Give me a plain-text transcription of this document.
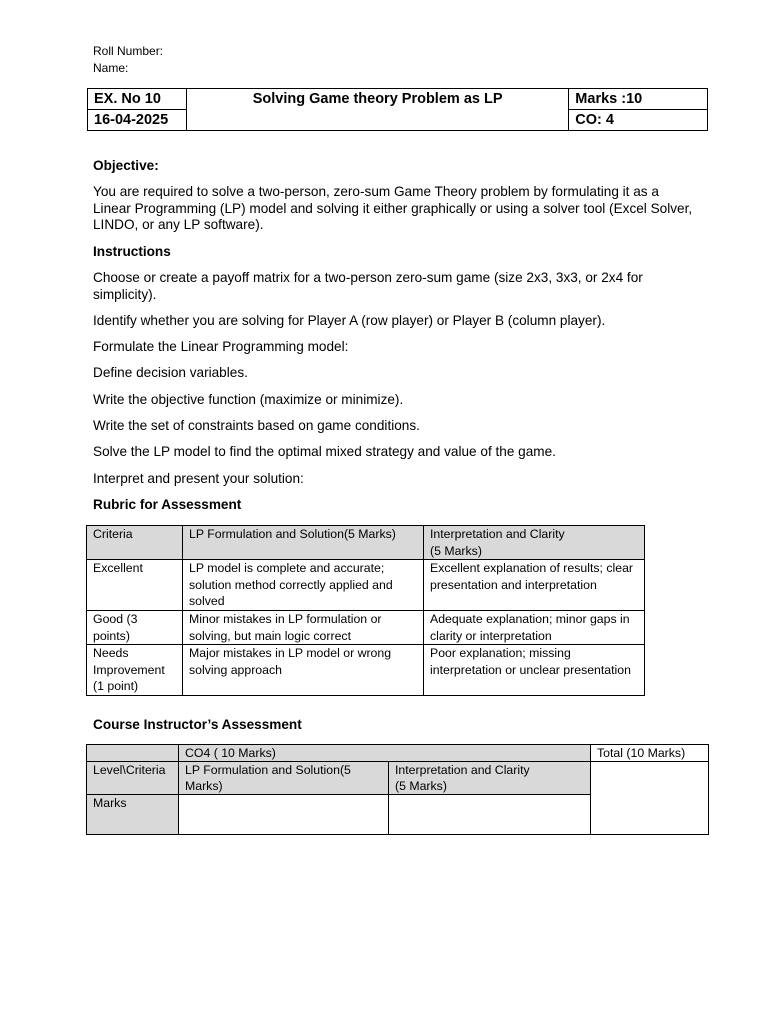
Roll Number:
Name:
EX. No 10	Solving Game theory Problem as LP	Marks :10
16-04-2025		CO: 4
Objective:
You are required to solve a two-person, zero-sum Game Theory problem by formulating it as a Linear Programming (LP) model and solving it either graphically or using a solver tool (Excel Solver, LINDO, or any LP software).
Instructions
Choose or create a payoff matrix for a two-person zero-sum game (size 2x3, 3x3, or 2x4 for simplicity).
Identify whether you are solving for Player A (row player) or Player B (column player).
Formulate the Linear Programming model:
Define decision variables.
Write the objective function (maximize or minimize).
Write the set of constraints based on game conditions.
Solve the LP model to find the optimal mixed strategy and value of the game.
Interpret and present your solution:
Rubric for Assessment
Criteria	LP Formulation and Solution(5 Marks)	Interpretation and Clarity
(5 Marks)
Excellent	LP model is complete and accurate; solution method correctly applied and solved	Excellent explanation of results; clear presentation and interpretation
Good (3 points)	Minor mistakes in LP formulation or solving, but main logic correct	Adequate explanation; minor gaps in clarity or interpretation
Needs Improvement (1 point)	Major mistakes in LP model or wrong solving approach	Poor explanation; missing interpretation or unclear presentation
Course Instructor’s Assessment
	CO4 ( 10 Marks)		Total (10 Marks)
Level\Criteria	LP Formulation and Solution(5 Marks)	Interpretation and Clarity
(5 Marks)	
Marks			
